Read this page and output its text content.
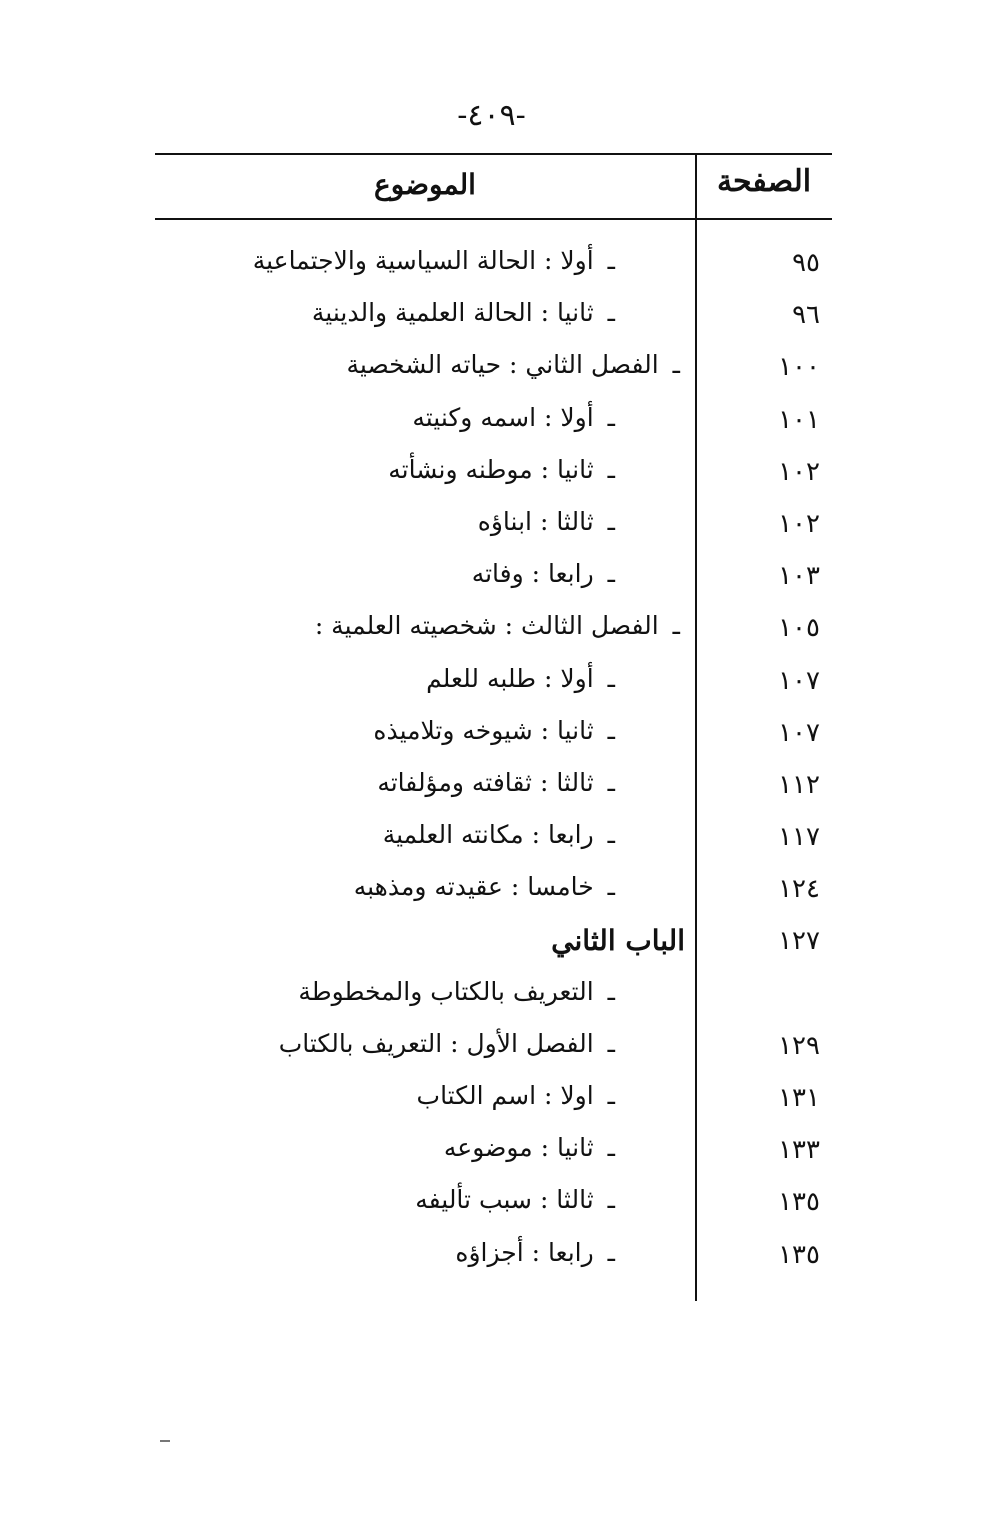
-٤٠٩-
الصفحة
الموضوع
٩٥
ـأولا : الحالة السياسية والاجتماعية
٩٦
ـثانيا : الحالة العلمية والدينية
١٠٠
ـالفصل الثاني : حياته الشخصية
١٠١
ـأولا : اسمه وكنيته
١٠٢
ـثانيا : موطنه ونشأته
١٠٢
ـثالثا : ابناؤه
١٠٣
ـرابعا : وفاته
١٠٥
ـالفصل الثالث : شخصيته العلمية :
١٠٧
ـأولا : طلبه للعلم
١٠٧
ـثانيا : شيوخه وتلاميذه
١١٢
ـثالثا : ثقافته ومؤلفاته
١١٧
ـرابعا : مكانته العلمية
١٢٤
ـخامسا : عقيدته ومذهبه
١٢٧
الباب الثاني
ـالتعريف بالكتاب والمخطوطة
١٢٩
ـالفصل الأول : التعريف بالكتاب
١٣١
ـاولا : اسم الكتاب
١٣٣
ـثانيا : موضوعه
١٣٥
ـثالثا : سبب تأليفه
١٣٥
ـرابعا : أجزاؤه
